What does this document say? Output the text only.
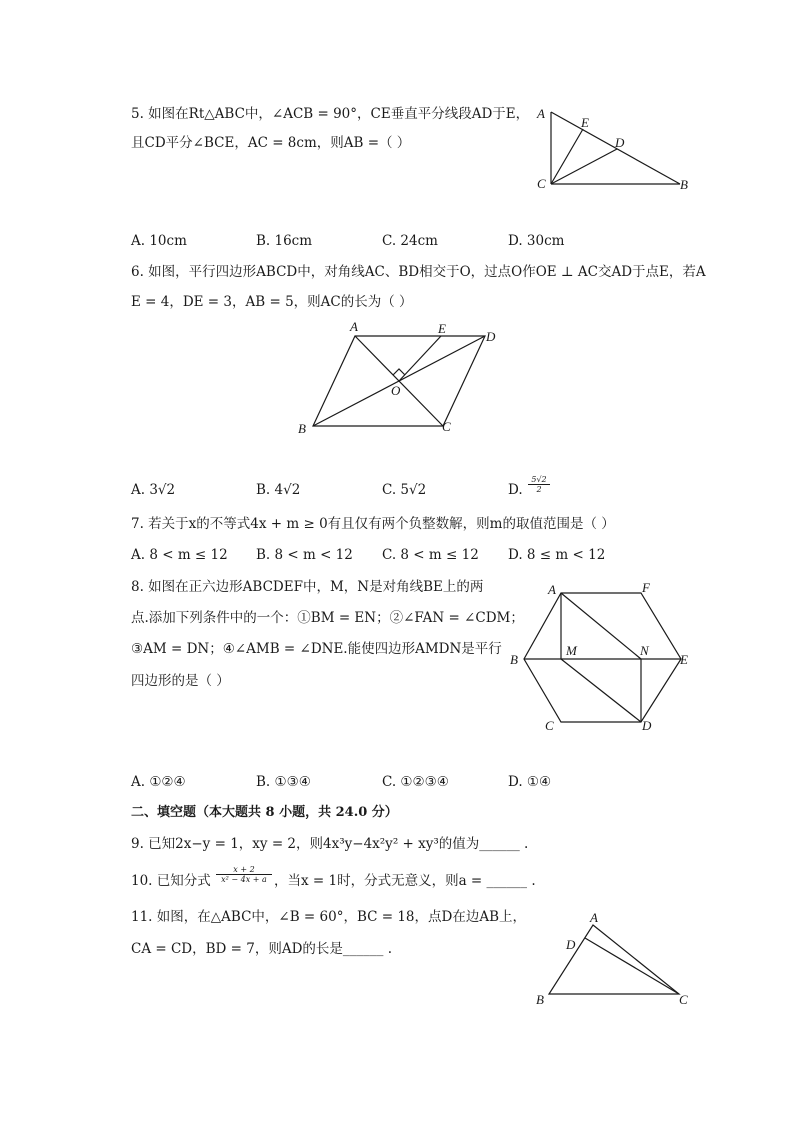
5. 如图在Rt△ABC中，∠ACB = 90°，CE垂直平分线段AD于E，
且CD平分∠BCE，AC = 8cm，则AB =（ ）
A
E
D
C	B
A. 10cm	B. 16cm	C. 24cm	D. 30cm
6. 如图，平行四边形ABCD中，对角线AC、BD相交于O，过点O作OE ⊥ AC交AD于点E，若A
E = 4，DE = 3，AB = 5，则AC的长为（ ）
A	E
D
O
B	C
A. 3√2	B. 4√2	C. 5√2	D. $\frac{5√2}{2}$
7. 若关于x的不等式4x + m ≥ 0有且仅有两个负整数解，则m的取值范围是（ ）
A. 8 < m ≤ 12 B. 8 < m < 12 C. 8 < m ≤ 12 D. 8 ≤ m < 12
8. 如图在正六边形ABCDEF中，M，N是对角线BE上的两
点.添加下列条件中的一个：①BM = EN；②∠FAN = ∠CDM；
③AM = DN；④∠AMB = ∠DNE.能使四边形AMDN是平行
四边形的是（ ）
A	F
B
M	N
E
C	D
A. ①②④	B. ①③④	C. ①②③④	D. ①④
二、填空题（本大题共 8 小题，共 24.0 分）
9. 已知2x−y = 1，xy = 2，则4x³y−4x²y² + xy³的值为______ .
10. 已知分式 $\frac{x + 2}{\text{x² − 4x + a}}$ ，当x = 1时，分式无意义，则a = ______ .
11. 如图，在△ABC中，∠B = 60°，BC = 18，点D在边AB上，
CA = CD，BD = 7，则AD的长是______ .
A
D
B	C
